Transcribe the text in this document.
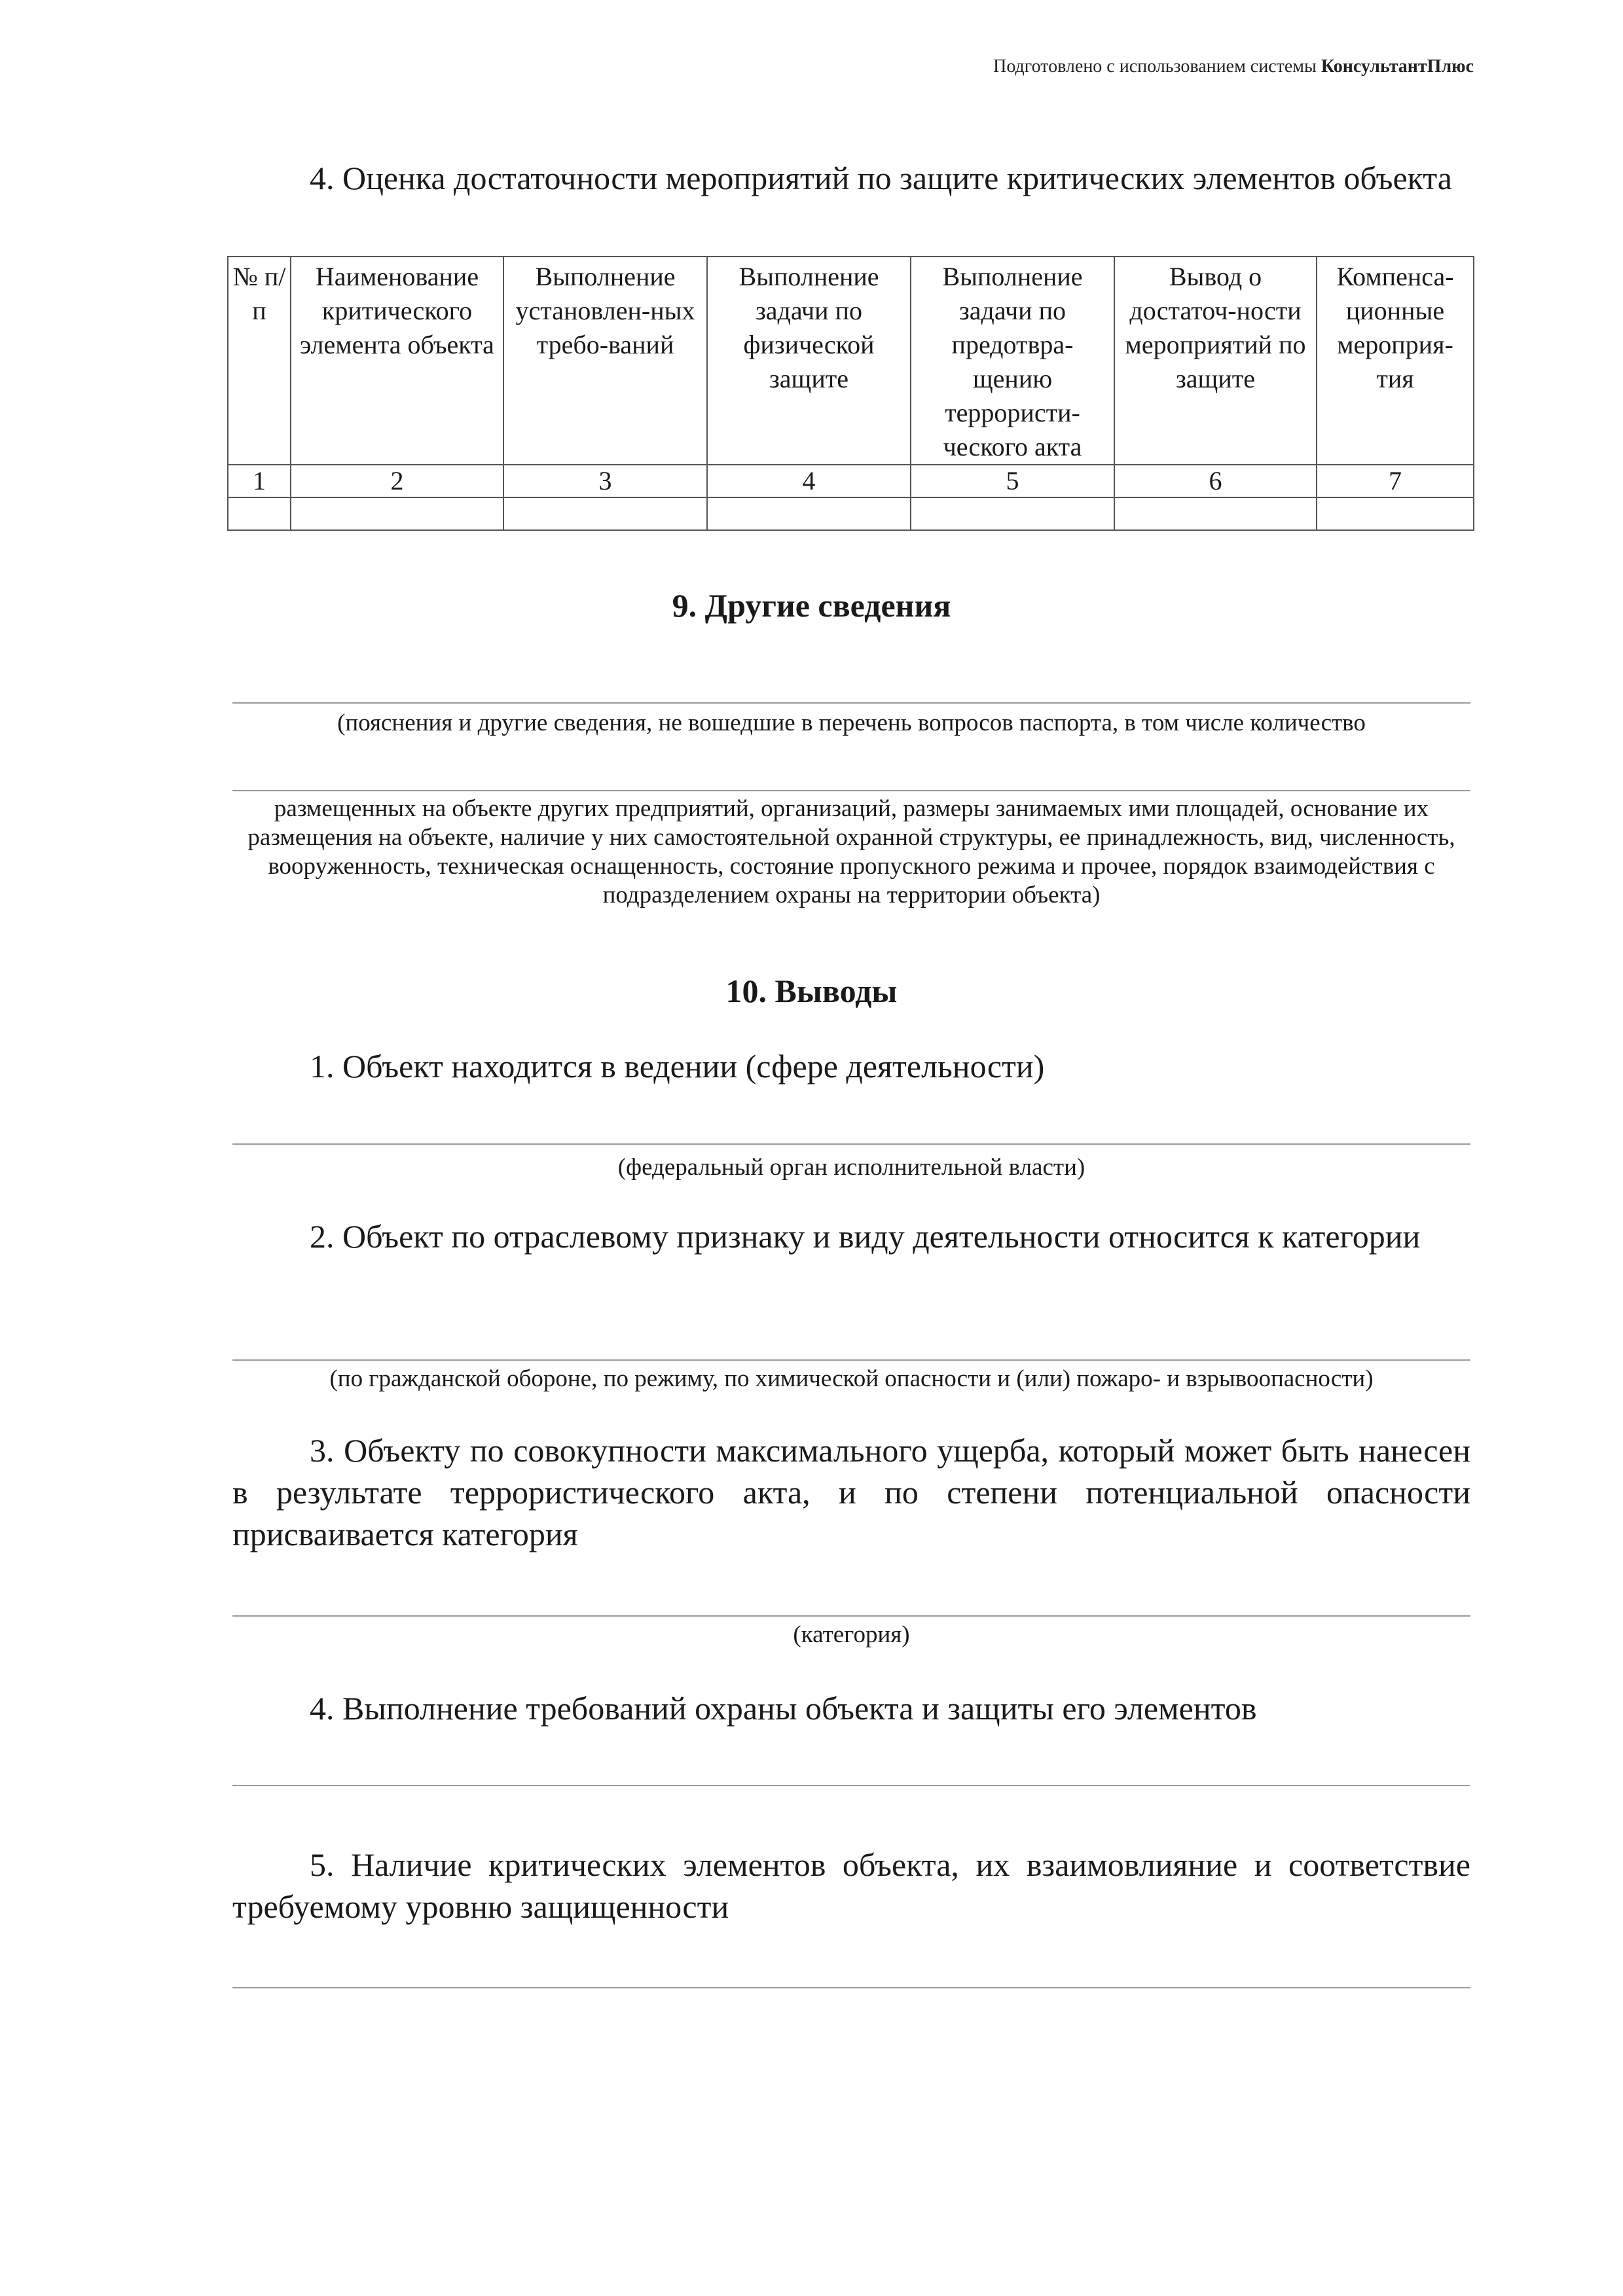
Подготовлено с использованием системы КонсультантПлюс
4. Оценка достаточности мероприятий по защите критических элементов объекта
№ п/п	Наименование критического элемента объекта	Выполнение установлен-ных требо-ваний	Выполнение задачи по физической защите	Выполнение задачи по предотвра-щению террористи-ческого акта	Вывод о достаточ-ности мероприятий по защите	Компенса-ционные мероприя-тия
1	2	3	4	5	6	7

9. Другие сведения
(пояснения и другие сведения, не вошедшие в перечень вопросов паспорта, в том числе количество
размещенных на объекте других предприятий, организаций, размеры занимаемых ими площадей, основание их размещения на объекте, наличие у них самостоятельной охранной структуры, ее принадлежность, вид, численность, вооруженность, техническая оснащенность, состояние пропускного режима и прочее, порядок взаимодействия с подразделением охраны на территории объекта)
10. Выводы
1. Объект находится в ведении (сфере деятельности)
(федеральный орган исполнительной власти)
2. Объект по отраслевому признаку и виду деятельности относится к категории
(по гражданской обороне, по режиму, по химической опасности и (или) пожаро- и взрывоопасности)
3. Объекту по совокупности максимального ущерба, который может быть нанесен в результате террористического акта, и по степени потенциальной опасности присваивается категория
(категория)
4. Выполнение требований охраны объекта и защиты его элементов
5. Наличие критических элементов объекта, их взаимовлияние и соответствие требуемому уровню защищенности
